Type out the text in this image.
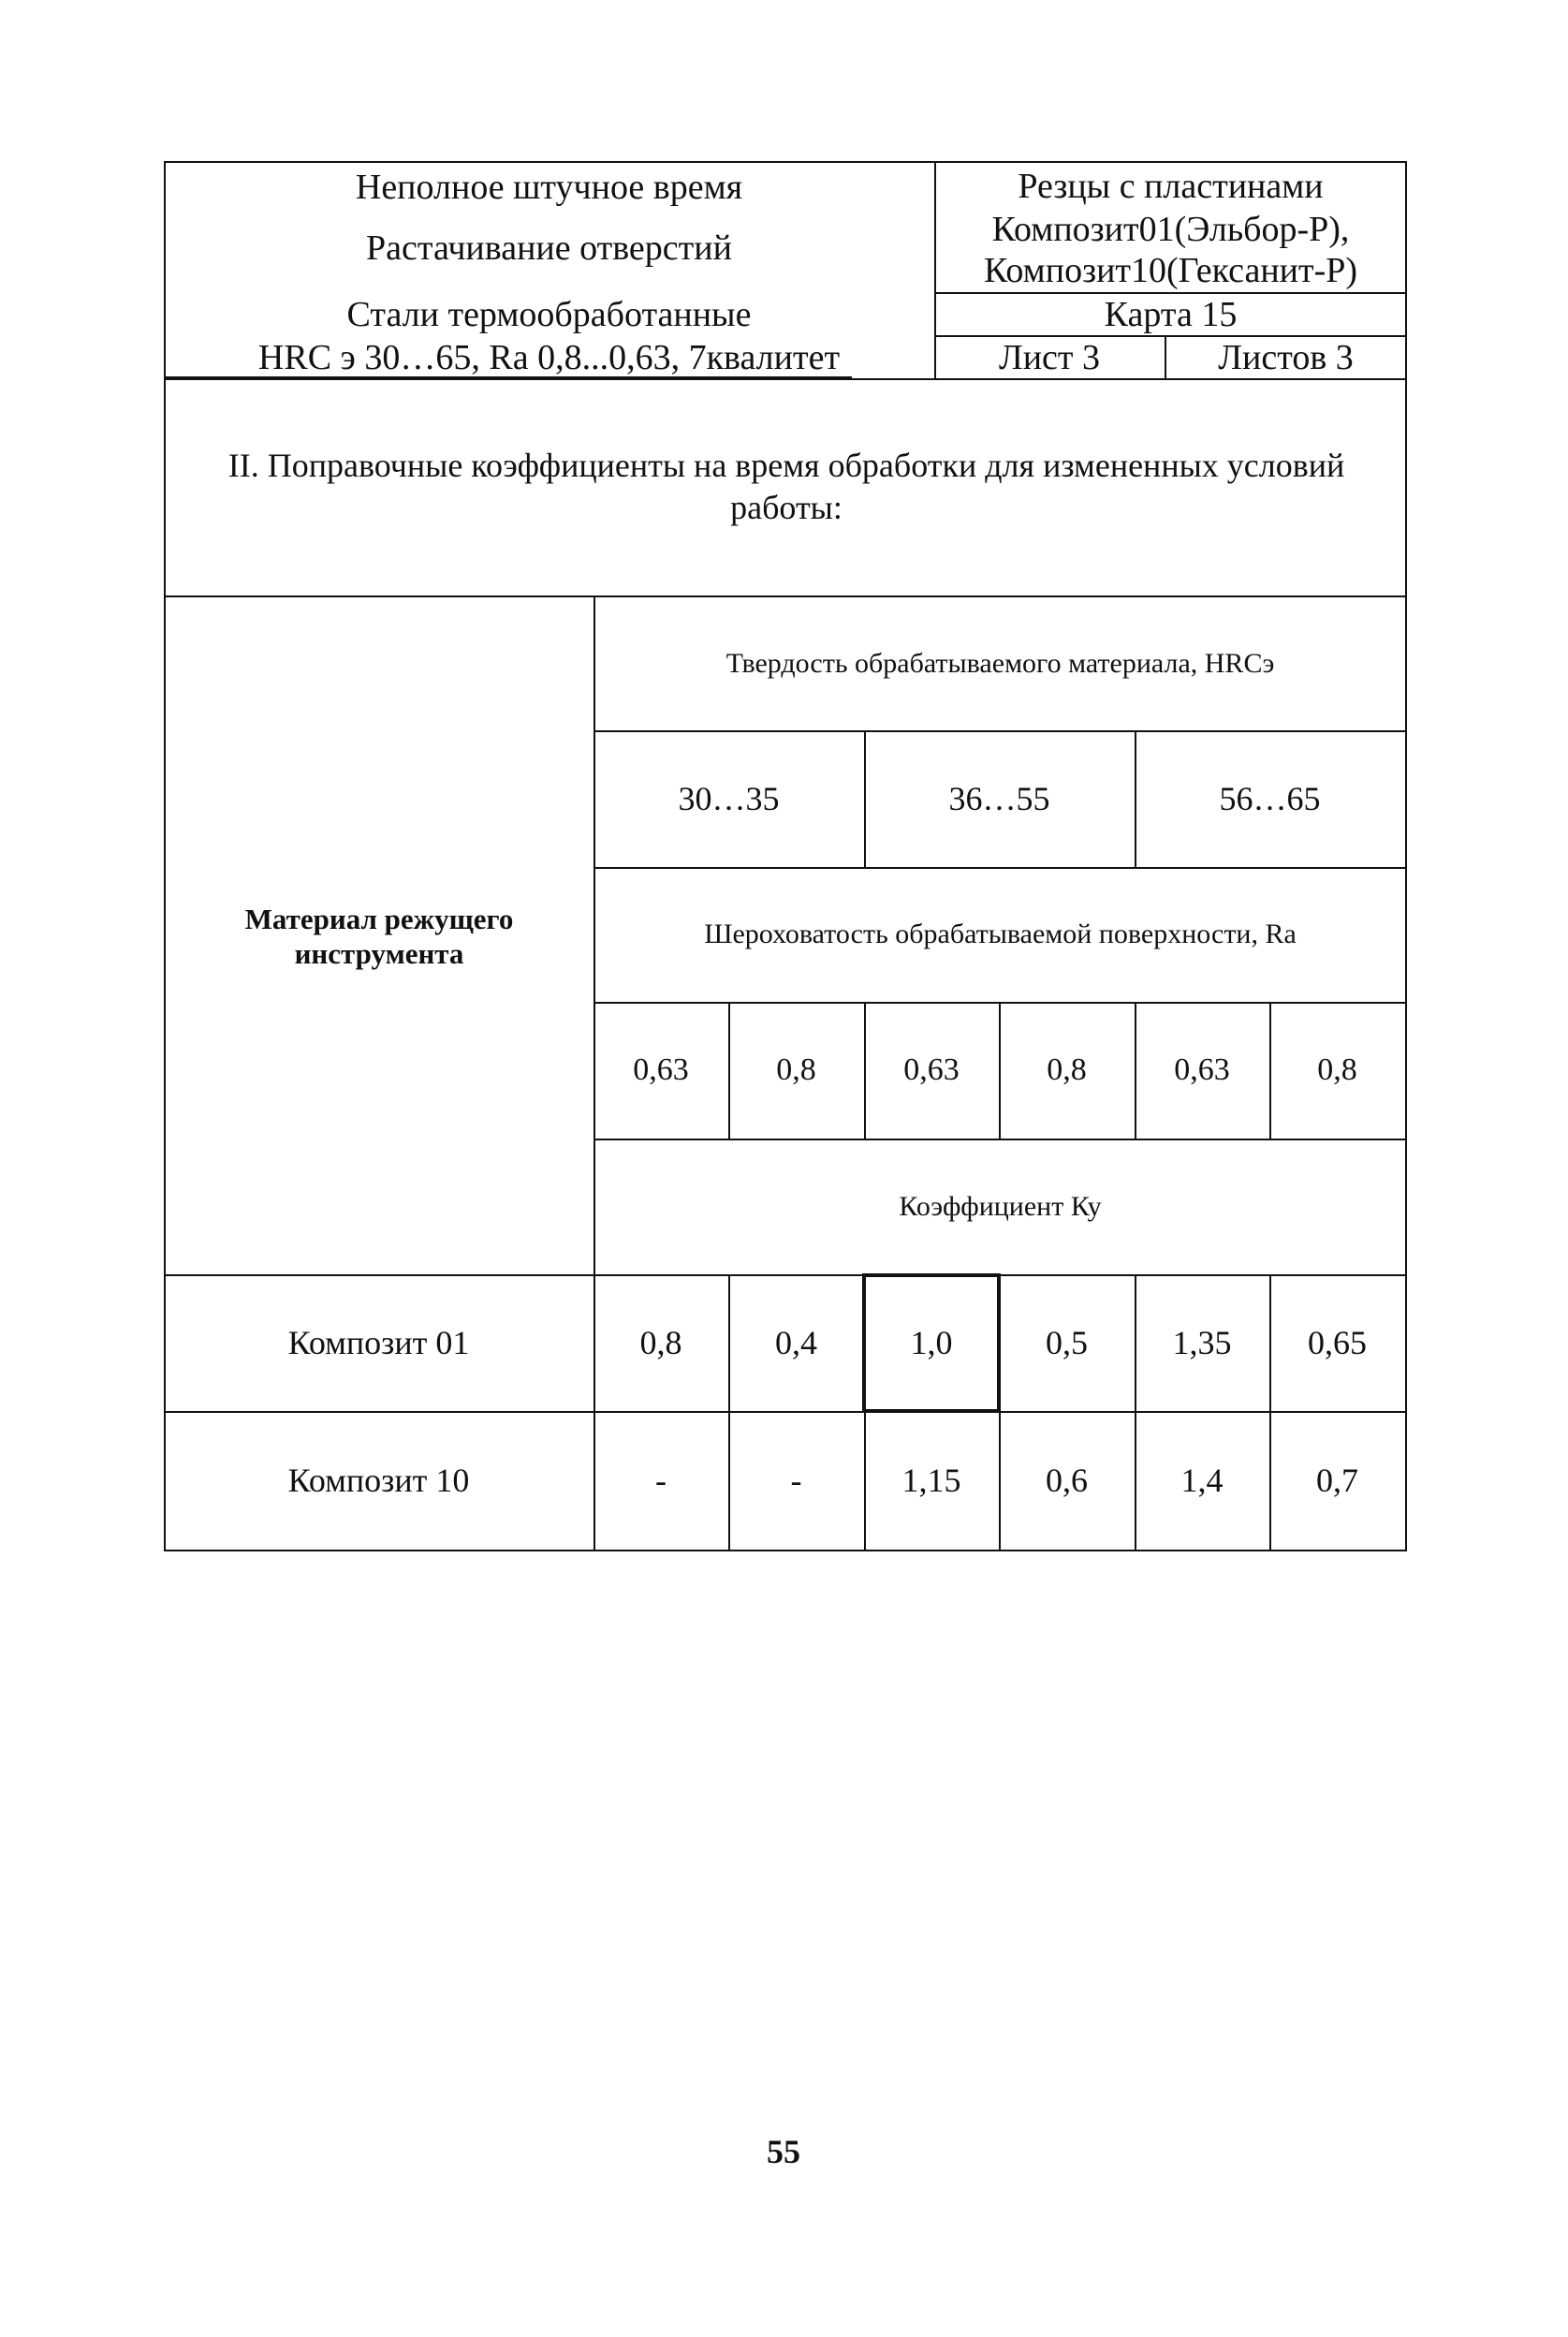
Неполное штучное время
Растачивание отверстий
Стали термообработанные
HRC э 30…65, Ra 0,8...0,63, 7квалитет
Резцы с пластинами
Композит01(Эльбор-Р),
Композит10(Гексанит-Р)
Карта 15
Лист 3	Листов 3
II. Поправочные коэффициенты на время обработки для измененных условий работы:
Материал режущего инструмента
Твердость обрабатываемого материала, HRCэ
30…35	36…55	56…65
Шероховатость обрабатываемой поверхности, Ra
0,63	0,8	0,63	0,8	0,63	0,8
Коэффициент Ку
Композит 01	0,8	0,4	1,0	0,5	1,35	0,65
Композит 10	-	-	1,15	0,6	1,4	0,7
55
